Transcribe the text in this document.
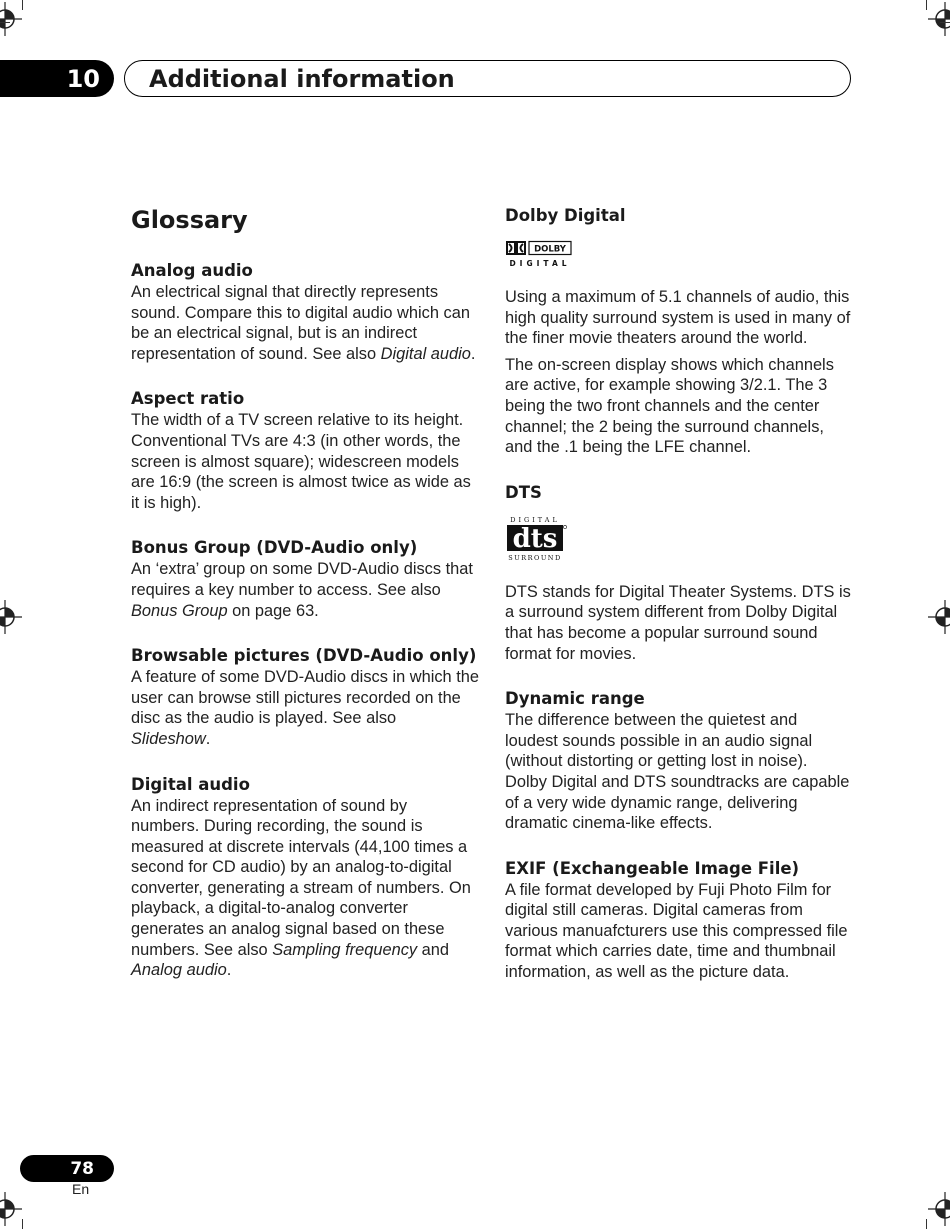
10	Additional information
Glossary

Analog audio

An electrical signal that directly represents sound. Compare this to digital audio which can be an electrical signal, but is an indirect representation of sound. See also Digital audio.

Aspect ratio

The width of a TV screen relative to its height. Conventional TVs are 4:3 (in other words, the screen is almost square); widescreen models are 16:9 (the screen is almost twice as wide as it is high).

Bonus Group (DVD-Audio only)

An ‘extra’ group on some DVD-Audio discs that requires a key number to access. See also Bonus Group on page 63.

Browsable pictures (DVD-Audio only)

A feature of some DVD-Audio discs in which the user can browse still pictures recorded on the disc as the audio is played. See also Slideshow.

Digital audio

An indirect representation of sound by numbers. During recording, the sound is measured at discrete intervals (44,100 times a second for CD audio) by an analog-to-digital converter, generating a stream of numbers. On playback, a digital-to-analog converter generates an analog signal based on these numbers. See also Sampling frequency and Analog audio.

Dolby Digital

DOLBY
DIGITAL

Using a maximum of 5.1 channels of audio, this high quality surround system is used in many of the finer movie theaters around the world.

The on-screen display shows which channels are active, for example showing 3/2.1. The 3 being the two front channels and the center channel; the 2 being the surround channels, and the .1 being the LFE channel.

DTS

DIGITAL
dts
SURROUND

DTS stands for Digital Theater Systems. DTS is a surround system different from Dolby Digital that has become a popular surround sound format for movies.

Dynamic range

The difference between the quietest and loudest sounds possible in an audio signal (without distorting or getting lost in noise). Dolby Digital and DTS soundtracks are capable of a very wide dynamic range, delivering dramatic cinema-like effects.

EXIF (Exchangeable Image File)

A file format developed by Fuji Photo Film for digital still cameras. Digital cameras from various manuafcturers use this compressed file format which carries date, time and thumbnail information, as well as the picture data.

78
En
